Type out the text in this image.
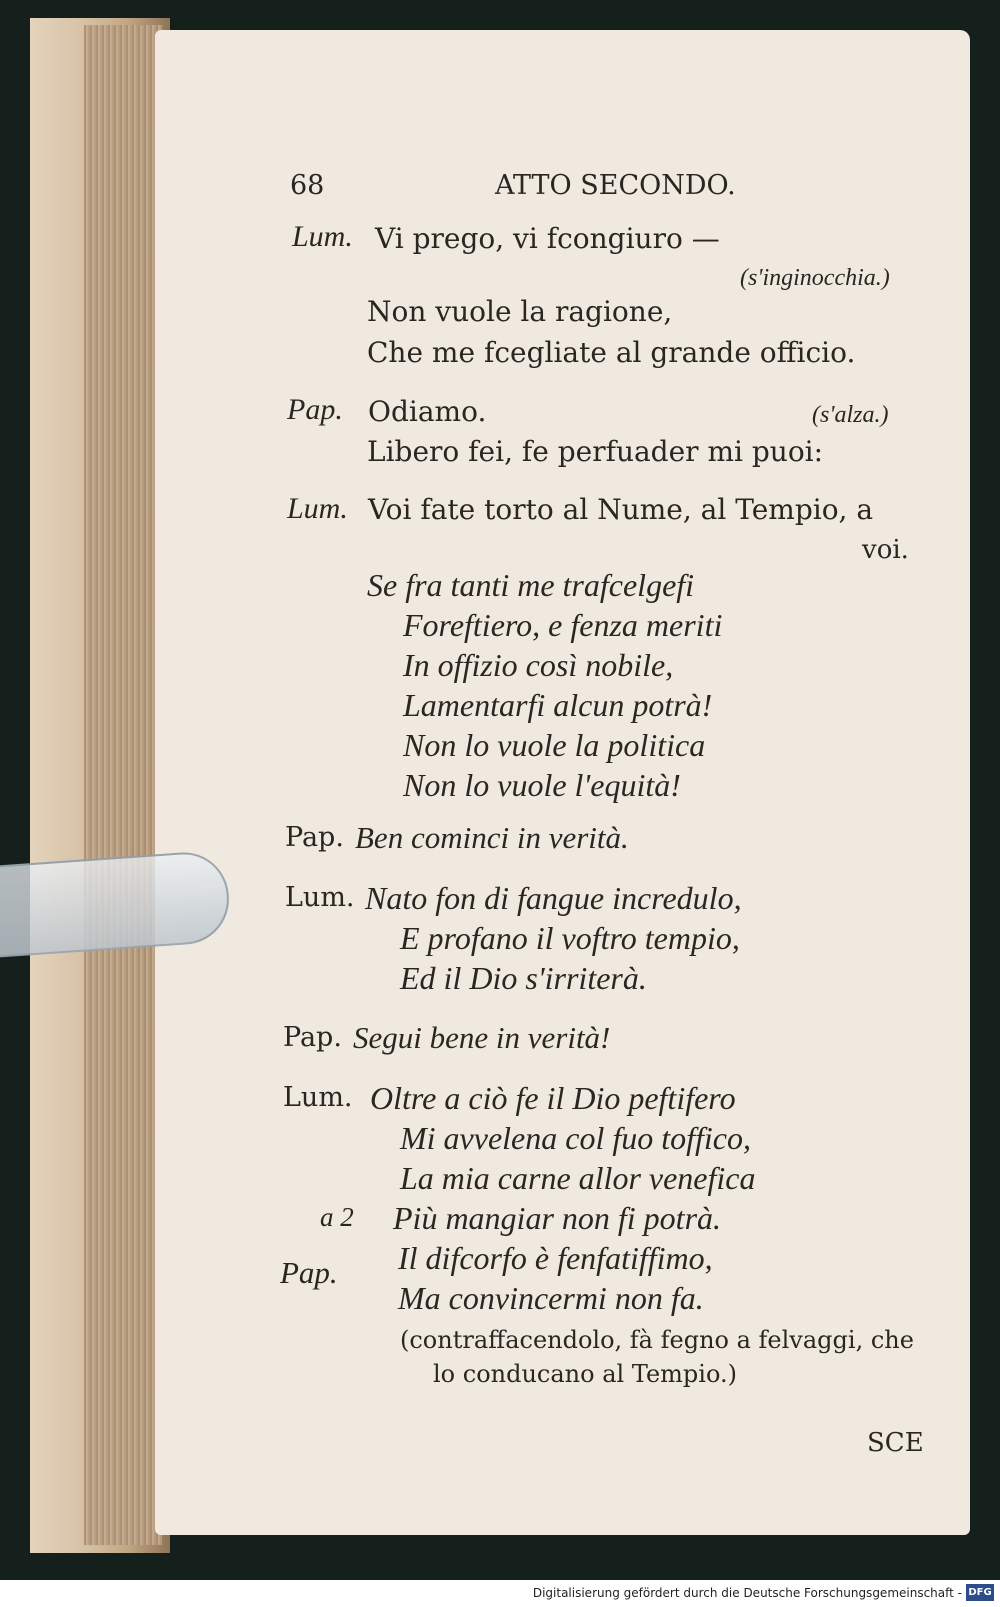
68	ATTO SECONDO.
Lum. Vi prego, vi fcongiuro —
(s'inginocchia.)
Non vuole la ragione,
Che me fcegliate al grande officio.
Pap. Odiamo.	(s'alza.)
Libero fei, fe perfuader mi puoi:
Lum. Voi fate torto al Nume, al Tempio, a
voi.
Se fra tanti me trafcelgefi
Foreftiero, e fenza meriti
In offizio così nobile,
Lamentarfi alcun potrà!
Non lo vuole la politica
Non lo vuole l'equità!
Pap. Ben cominci in verità.
Lum. Nato fon di fangue incredulo,
E profano il voftro tempio,
Ed il Dio s'irriterà.
Pap. Segui bene in verità!
Lum. Oltre a ciò fe il Dio peftifero
Mi avvelena col fuo toffico,
La mia carne allor venefica
a 2 Più mangiar non fi potrà.
Il difcorfo è fenfatiffimo,
Pap.
Ma convincermi non fa.
(contraffacendolo, fà fegno a felvaggi, che
lo conducano al Tempio.)
SCE
Digitalisierung gefördert durch die Deutsche Forschungsgemeinschaft - DFG
